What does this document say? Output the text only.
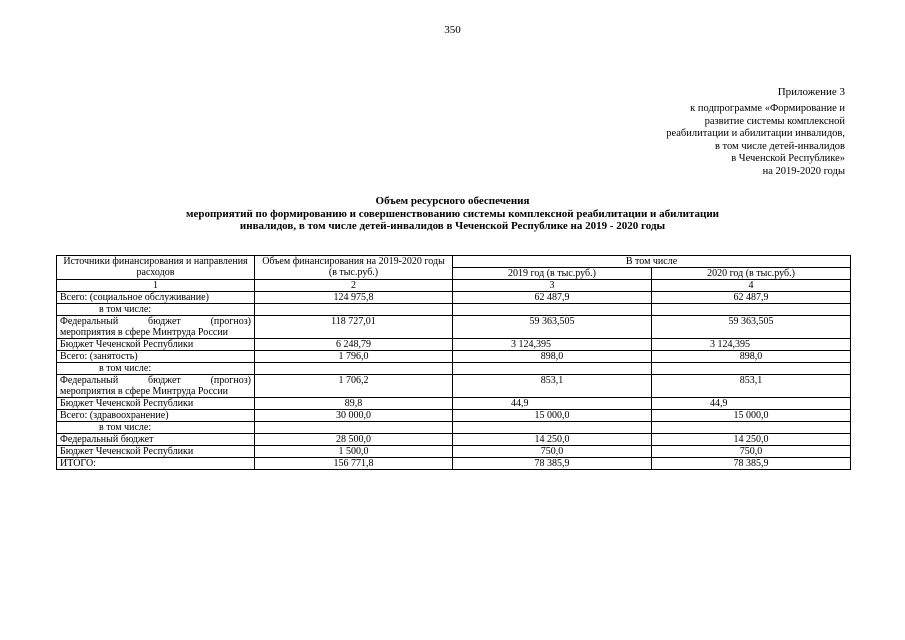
350
Приложение 3
к подпрограмме «Формирование и
развитие системы комплексной
реабилитации и абилитации инвалидов,
в том числе детей-инвалидов
в Чеченской Республике»
на 2019-2020 годы
Объем ресурсного обеспечения
мероприятий по формированию и совершенствованию системы комплексной реабилитации и абилитации
инвалидов, в том числе детей-инвалидов в Чеченской Республике на 2019 - 2020 годы
Источники финансирования и направления расходов	Объем финансирования на 2019-2020 годы (в тыс.руб.)	В том числе	
		2019 год (в тыс.руб.)	2020 год (в тыс.руб.)
1	2	3	4
Всего: (социальное обслуживание)	124 975,8	62 487,9	62 487,9
в том числе:			
Федеральный бюджет (прогноз) мероприятия в сфере Минтруда России	118 727,01	59 363,505	59 363,505
Бюджет Чеченской Республики	6 248,79	3 124,395	3 124,395
Всего: (занятость)	1 796,0	898,0	898,0
в том числе:			
Федеральный бюджет (прогноз) мероприятия в сфере Минтруда России	1 706,2	853,1	853,1
Бюджет Чеченской Республики	89,8	44,9	44,9
Всего: (здравоохранение)	30 000,0	15 000,0	15 000,0
в том числе:			
Федеральный бюджет	28 500,0	14 250,0	14 250,0
Бюджет Чеченской Республики	1 500,0	750,0	750,0
ИТОГО:	156 771,8	78 385,9	78 385,9
